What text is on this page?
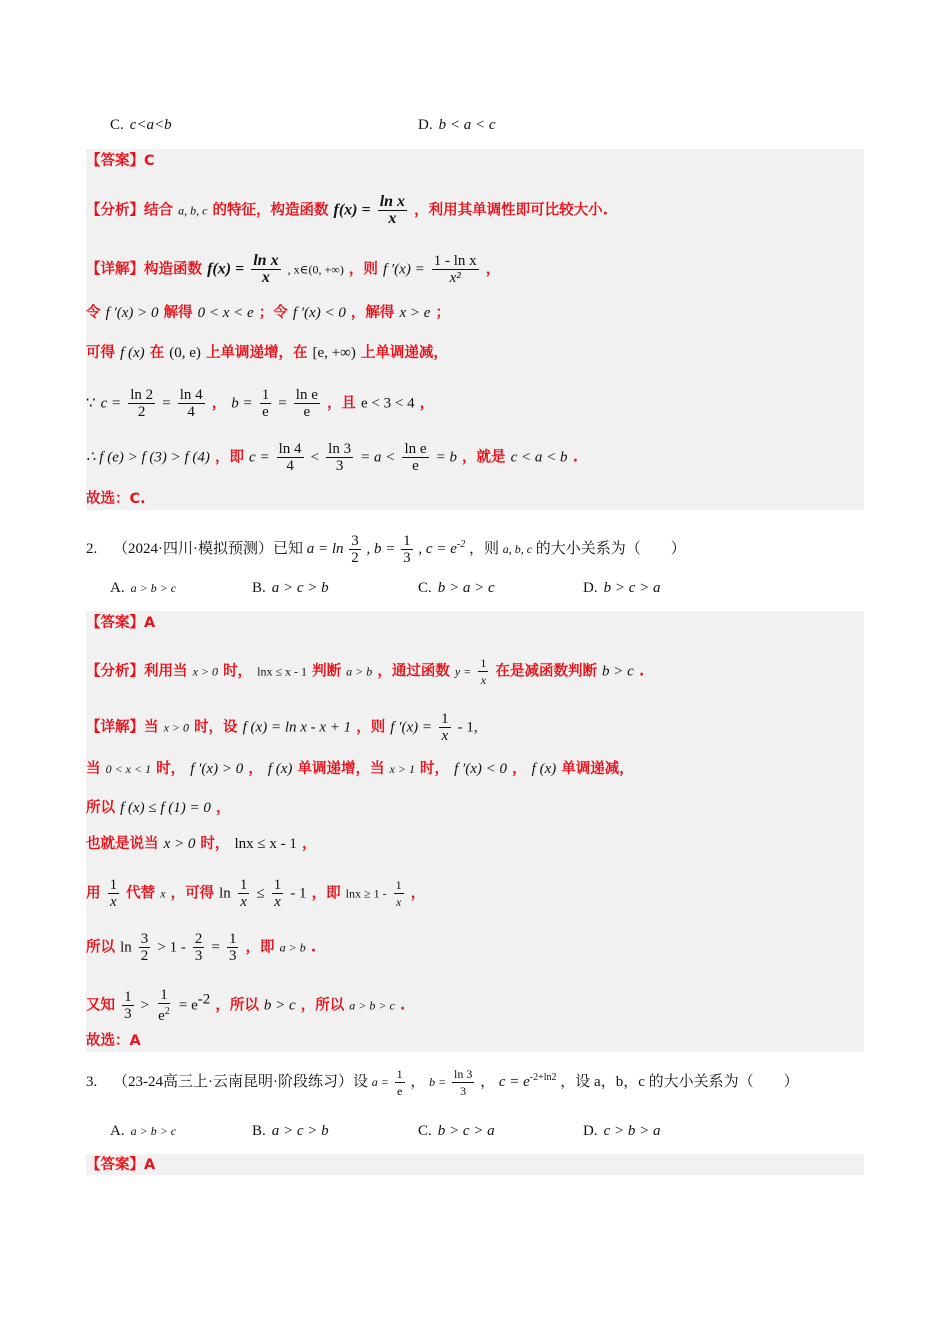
C. c<a<b	D. b < a < c
【答案】C
【分析】结合 a, b, c 的特征，构造函数 $f(x) = \frac{\text{ln x}}{x}$ ，利用其单调性即可比较大小.
【详解】构造函数 $f(x) = \frac{\text{ln x}}{x}$ , x∈(0, +∞) ，则 f $'(x) = \frac{\text{1 - ln x}}{\text{x²}}$ ，
令 f ′(x) > 0 解得 0 < x < e ；令 f ′(x) < 0 ，解得 x > e ；
可得 f (x) 在 (0, e) 上单调递增，在 [e, +∞) 上单调递减，
∵ $c = \frac{\ln 2}{2} = \frac{\ln 4}{4}$ ， $b = \frac{1}{e} = \frac{\text{ln e}}{e}$ ，且 e < 3 < 4 ，
∴ f (e) > f (3) > f (4) ，即 $c = \frac{\ln 4}{4} < \frac{\ln 3}{3} = a < \frac{\text{ln e}}{e} = b$ ，就是 c < a < b .
故选：C.
2. （2024·四川·模拟预测）已知 $a = \ln \frac{3}{2}$ , $b = \frac{1}{3}$ , $c = e^{-2}$ ，则 a, b, c 的大小关系为（　　）
A. a > b > c	B. a > c > b	C. b > a > c	D. b > c > a
【答案】A
【分析】利用当 x > 0 时， lnx ≤ x - 1 判断 a > b ，通过函数 $y = \frac{1}{x}$ 在是减函数判断 b > c .
【详解】当 x > 0 时，设 f (x) = ln x - x + 1 ，则 f $'(x) = \frac{1}{x} - 1$,
当 0 < x < 1 时， f ′(x) > 0 ， f (x) 单调递增，当 x > 1 时， f ′(x) < 0 ， f (x) 单调递减，
所以 f (x) ≤ f (1) = 0 ，
也就是说当 x > 0 时， lnx ≤ x - 1 ，
用 $\frac{1}{x}$ 代替 x ，可得 $\ln \frac{1}{x} \le \frac{1}{x} - 1$ ，即 $\ln x \ge 1 - \frac{1}{x}$ ，
所以 $\ln \frac{3}{2} > 1 - \frac{2}{3} = \frac{1}{3}$ ，即 a > b .
又知 $\frac{1}{3} > \frac{1}{e^2} = e^{-2}$ ，所以 b > c ，所以 a > b > c .
故选：A
3. （23-24高三上·云南昆明·阶段练习）设 $a = \frac{1}{e}$ ， $b = \frac{\ln 3}{3}$ ， $c = e^{-2+ln2}$ ，设 a，b，c 的大小关系为（　　）
A. a > b > c	B. a > c > b	C. b > c > a	D. c > b > a
【答案】A
